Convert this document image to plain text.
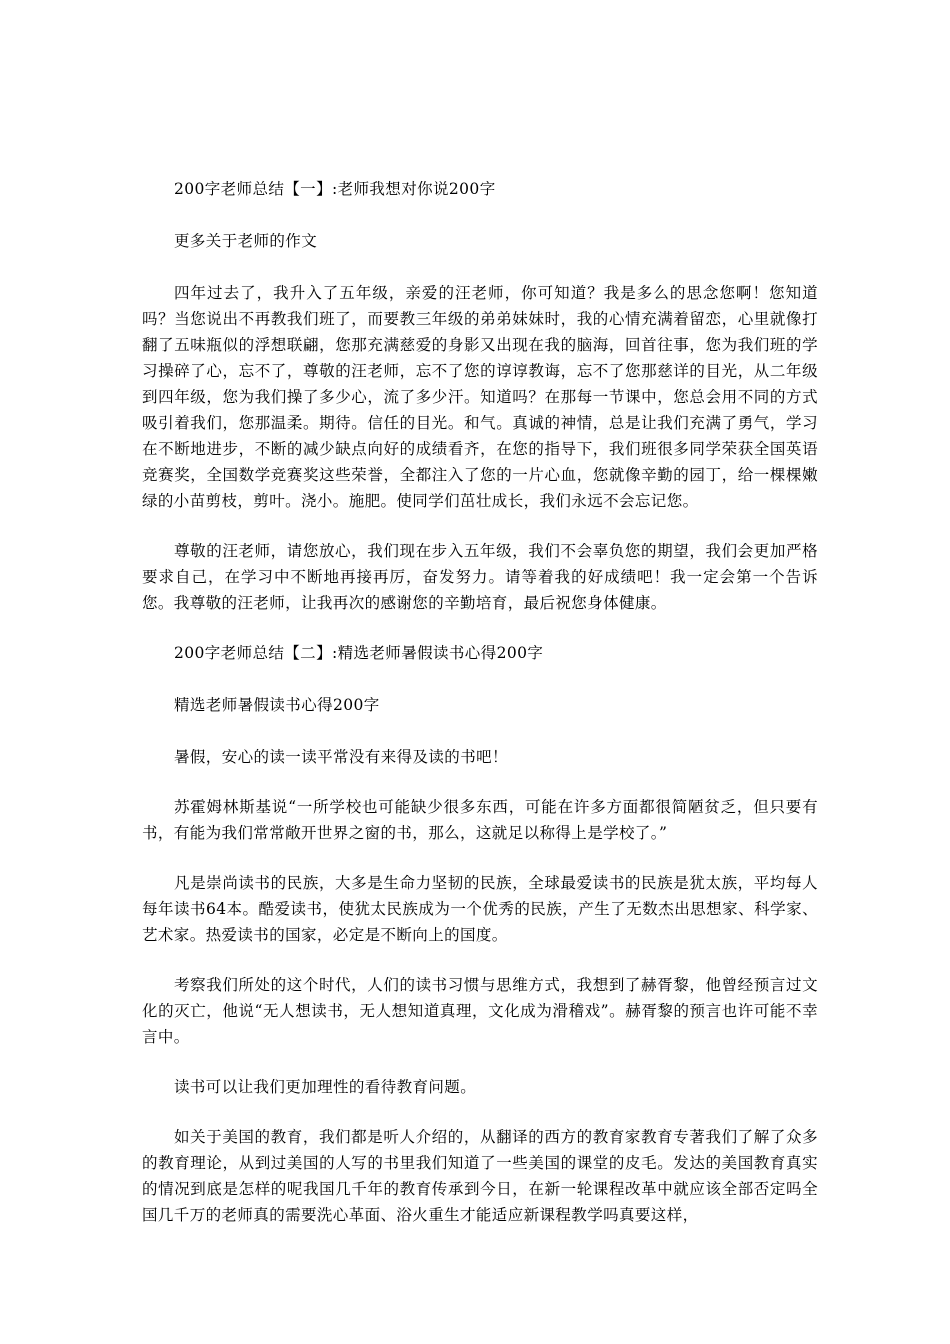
200字老师总结【一】:老师我想对你说200字

更多关于老师的作文

四年过去了，我升入了五年级，亲爱的汪老师，你可知道？我是多么的思念您啊！您知道吗？当您说出不再教我们班了，而要教三年级的弟弟妹妹时，我的心情充满着留恋，心里就像打翻了五味瓶似的浮想联翩，您那充满慈爱的身影又出现在我的脑海，回首往事，您为我们班的学习操碎了心，忘不了，尊敬的汪老师，忘不了您的谆谆教诲，忘不了您那慈详的目光，从二年级到四年级，您为我们操了多少心，流了多少汗。知道吗？在那每一节课中，您总会用不同的方式吸引着我们，您那温柔。期待。信任的目光。和气。真诚的神情，总是让我们充满了勇气，学习在不断地进步，不断的减少缺点向好的成绩看齐，在您的指导下，我们班很多同学荣获全国英语竞赛奖，全国数学竞赛奖这些荣誉，全都注入了您的一片心血，您就像辛勤的园丁，给一棵棵嫩绿的小苗剪枝，剪叶。浇小。施肥。使同学们茁壮成长，我们永远不会忘记您。

尊敬的汪老师，请您放心，我们现在步入五年级，我们不会辜负您的期望，我们会更加严格要求自己，在学习中不断地再接再厉，奋发努力。请等着我的好成绩吧！我一定会第一个告诉您。我尊敬的汪老师，让我再次的感谢您的辛勤培育，最后祝您身体健康。

200字老师总结【二】:精选老师暑假读书心得200字

精选老师暑假读书心得200字

暑假，安心的读一读平常没有来得及读的书吧！

苏霍姆林斯基说“一所学校也可能缺少很多东西，可能在许多方面都很简陋贫乏，但只要有书，有能为我们常常敞开世界之窗的书，那么，这就足以称得上是学校了。”

凡是崇尚读书的民族，大多是生命力坚韧的民族，全球最爱读书的民族是犹太族，平均每人每年读书64本。酷爱读书，使犹太民族成为一个优秀的民族，产生了无数杰出思想家、科学家、艺术家。热爱读书的国家，必定是不断向上的国度。

考察我们所处的这个时代，人们的读书习惯与思维方式，我想到了赫胥黎，他曾经预言过文化的灭亡，他说“无人想读书，无人想知道真理，文化成为滑稽戏”。赫胥黎的预言也许可能不幸言中。

读书可以让我们更加理性的看待教育问题。

如关于美国的教育，我们都是听人介绍的，从翻译的西方的教育家教育专著我们了解了众多的教育理论，从到过美国的人写的书里我们知道了一些美国的课堂的皮毛。发达的美国教育真实的情况到底是怎样的呢我国几千年的教育传承到今日，在新一轮课程改革中就应该全部否定吗全国几千万的老师真的需要洗心革面、浴火重生才能适应新课程教学吗真要这样，
